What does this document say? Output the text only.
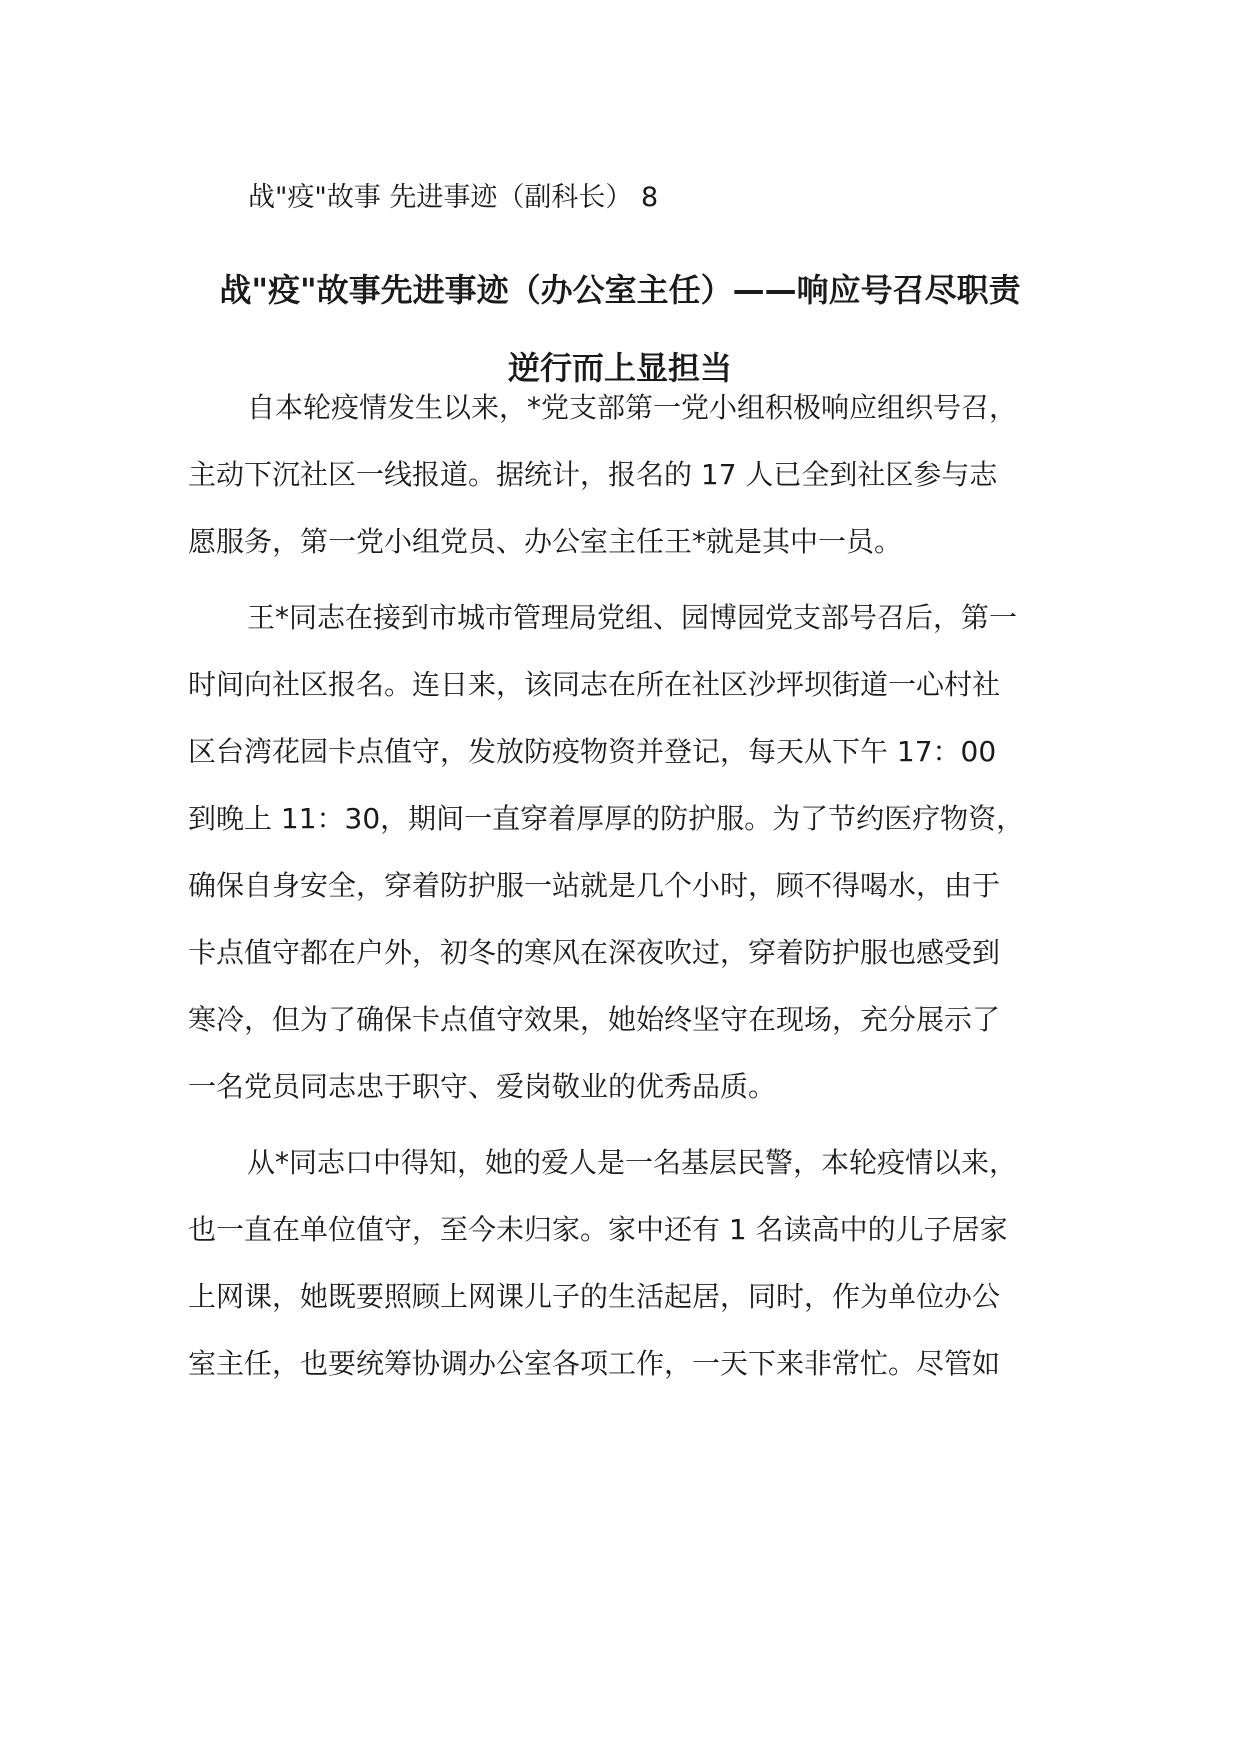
战"疫"故事 先进事迹（副科长） 8
战"疫"故事先进事迹（办公室主任）——响应号召尽职责
逆行而上显担当
自本轮疫情发生以来，*党支部第一党小组积极响应组织号召，
主动下沉社区一线报道。据统计，报名的 17 人已全到社区参与志
愿服务，第一党小组党员、办公室主任王*就是其中一员。
王*同志在接到市城市管理局党组、园博园党支部号召后，第一
时间向社区报名。连日来，该同志在所在社区沙坪坝街道一心村社
区台湾花园卡点值守，发放防疫物资并登记，每天从下午 17：00
到晚上 11：30，期间一直穿着厚厚的防护服。为了节约医疗物资，
确保自身安全，穿着防护服一站就是几个小时，顾不得喝水，由于
卡点值守都在户外，初冬的寒风在深夜吹过，穿着防护服也感受到
寒冷，但为了确保卡点值守效果，她始终坚守在现场，充分展示了
一名党员同志忠于职守、爱岗敬业的优秀品质。
从*同志口中得知，她的爱人是一名基层民警，本轮疫情以来，
也一直在单位值守，至今未归家。家中还有 1 名读高中的儿子居家
上网课，她既要照顾上网课儿子的生活起居，同时，作为单位办公
室主任，也要统筹协调办公室各项工作，一天下来非常忙。尽管如
